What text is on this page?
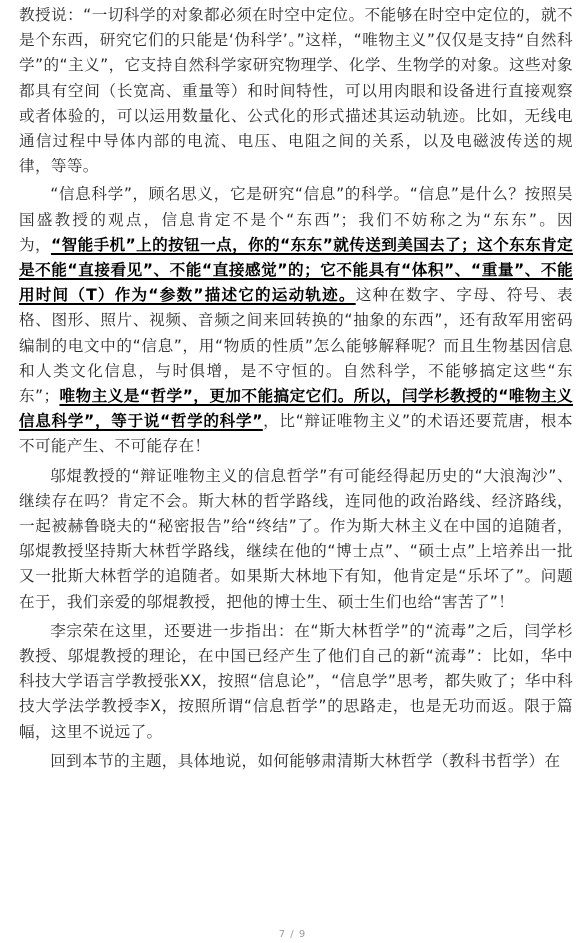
教授说：“一切科学的对象都必须在时空中定位。不能够在时空中定位的，就不是个东西，研究它们的只能是‘伪科学’。”这样，“唯物主义”仅仅是支持“自然科学”的“主义”，它支持自然科学家研究物理学、化学、生物学的对象。这些对象都具有空间（长宽高、重量等）和时间特性，可以用肉眼和设备进行直接观察或者体验的，可以运用数量化、公式化的形式描述其运动轨迹。比如，无线电通信过程中导体内部的电流、电压、电阻之间的关系，以及电磁波传送的规律，等等。

“信息科学”，顾名思义，它是研究“信息”的科学。“信息”是什么？按照吴国盛教授的观点，信息肯定不是个“东西”；我们不妨称之为“东东”。因为，“智能手机”上的按钮一点，你的“东东”就传送到美国去了；这个东东肯定是不能“直接看见”、不能“直接感觉”的；它不能具有“体积”、“重量”、不能用时间（T）作为“参数”描述它的运动轨迹。这种在数字、字母、符号、表格、图形、照片、视频、音频之间来回转换的“抽象的东西”，还有敌军用密码编制的电文中的“信息”，用“物质的性质”怎么能够解释呢？而且生物基因信息和人类文化信息，与时俱增，是不守恒的。自然科学，不能够搞定这些“东东”；唯物主义是“哲学”，更加不能搞定它们。所以，闫学杉教授的“唯物主义信息科学”，等于说“哲学的科学”，比“辩证唯物主义”的术语还要荒唐，根本不可能产生、不可能存在！

邬焜教授的“辩证唯物主义的信息哲学”有可能经得起历史的“大浪淘沙”、继续存在吗？肯定不会。斯大林的哲学路线，连同他的政治路线、经济路线，一起被赫鲁晓夫的“秘密报告”给“终结”了。作为斯大林主义在中国的追随者，邬焜教授坚持斯大林哲学路线，继续在他的“博士点”、“硕士点”上培养出一批又一批斯大林哲学的追随者。如果斯大林地下有知，他肯定是“乐坏了”。问题在于，我们亲爱的邬焜教授，把他的博士生、硕士生们也给“害苦了”！

李宗荣在这里，还要进一步指出：在“斯大林哲学”的“流毒”之后，闫学杉教授、邬焜教授的理论，在中国已经产生了他们自己的新“流毒”：比如，华中科技大学语言学教授张XX，按照“信息论”，“信息学”思考，都失败了；华中科技大学法学教授李X，按照所谓“信息哲学”的思路走，也是无功而返。限于篇幅，这里不说远了。

回到本节的主题，具体地说，如何能够肃清斯大林哲学（教科书哲学）在

7 / 9
